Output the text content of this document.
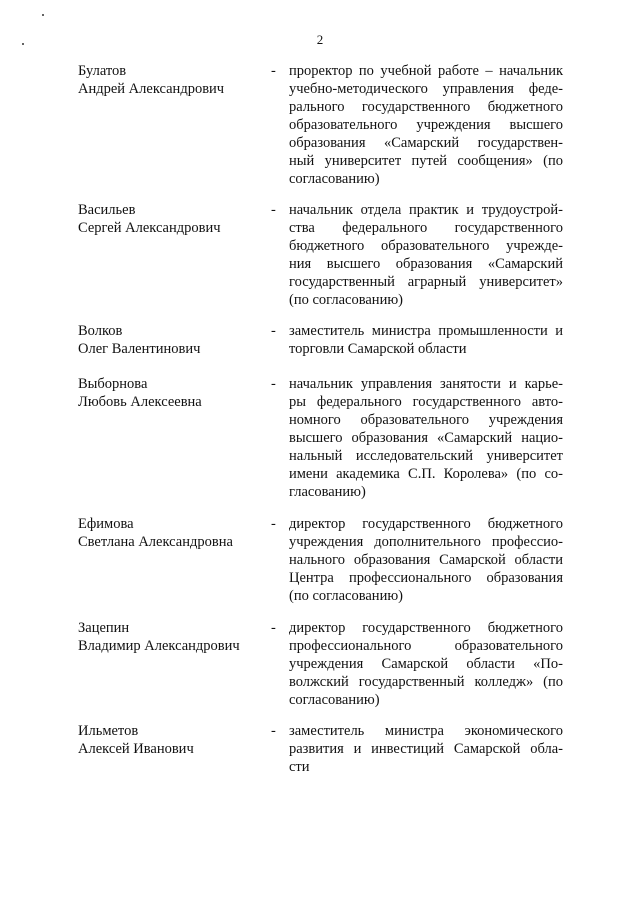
2
Булатов
Андрей Александрович
- проректор по учебной работе – начальник
учебно-методического управления феде-
рального государственного бюджетного
образовательного учреждения высшего
образования «Самарский государствен-
ный университет путей сообщения» (по
согласованию)
Васильев
Сергей Александрович
- начальник отдела практик и трудоустрой-
ства федерального государственного
бюджетного образовательного учрежде-
ния высшего образования «Самарский
государственный аграрный университет»
(по согласованию)
Волков
Олег Валентинович
- заместитель министра промышленности и
торговли Самарской области
Выборнова
Любовь Алексеевна
- начальник управления занятости и карье-
ры федерального государственного авто-
номного образовательного учреждения
высшего образования «Самарский нацио-
нальный исследовательский университет
имени академика С.П. Королева» (по со-
гласованию)
Ефимова
Светлана Александровна
- директор государственного бюджетного
учреждения дополнительного профессио-
нального образования Самарской области
Центра профессионального образования
(по согласованию)
Зацепин
Владимир Александрович
- директор государственного бюджетного
профессионального образовательного
учреждения Самарской области «По-
волжский государственный колледж» (по
согласованию)
Ильметов
Алексей Иванович
- заместитель министра экономического
развития и инвестиций Самарской обла-
сти
